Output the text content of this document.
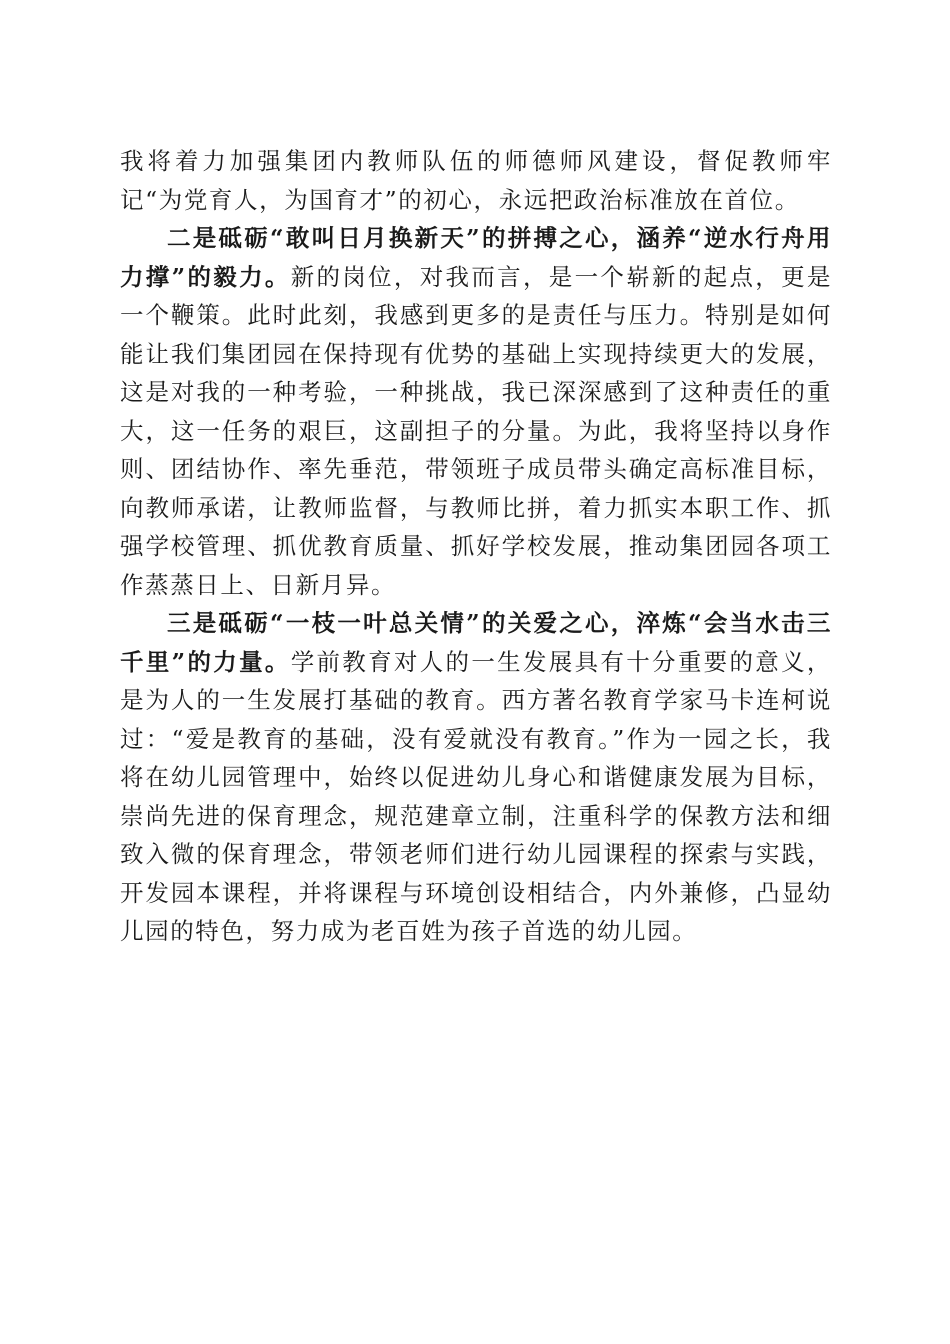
我将着力加强集团内教师队伍的师德师风建设，督促教师牢记“为党育人，为国育才”的初心，永远把政治标准放在首位。

二是砥砺“敢叫日月换新天”的拼搏之心，涵养“逆水行舟用力撑”的毅力。新的岗位，对我而言，是一个崭新的起点，更是一个鞭策。此时此刻，我感到更多的是责任与压力。特别是如何能让我们集团园在保持现有优势的基础上实现持续更大的发展，这是对我的一种考验，一种挑战，我已深深感到了这种责任的重大，这一任务的艰巨，这副担子的分量。为此，我将坚持以身作则、团结协作、率先垂范，带领班子成员带头确定高标准目标，向教师承诺，让教师监督，与教师比拼，着力抓实本职工作、抓强学校管理、抓优教育质量、抓好学校发展，推动集团园各项工作蒸蒸日上、日新月异。

三是砥砺“一枝一叶总关情”的关爱之心，淬炼“会当水击三千里”的力量。学前教育对人的一生发展具有十分重要的意义，是为人的一生发展打基础的教育。西方著名教育学家马卡连柯说过：“爱是教育的基础，没有爱就没有教育。”作为一园之长，我将在幼儿园管理中，始终以促进幼儿身心和谐健康发展为目标，崇尚先进的保育理念，规范建章立制，注重科学的保教方法和细致入微的保育理念，带领老师们进行幼儿园课程的探索与实践，开发园本课程，并将课程与环境创设相结合，内外兼修，凸显幼儿园的特色，努力成为老百姓为孩子首选的幼儿园。
